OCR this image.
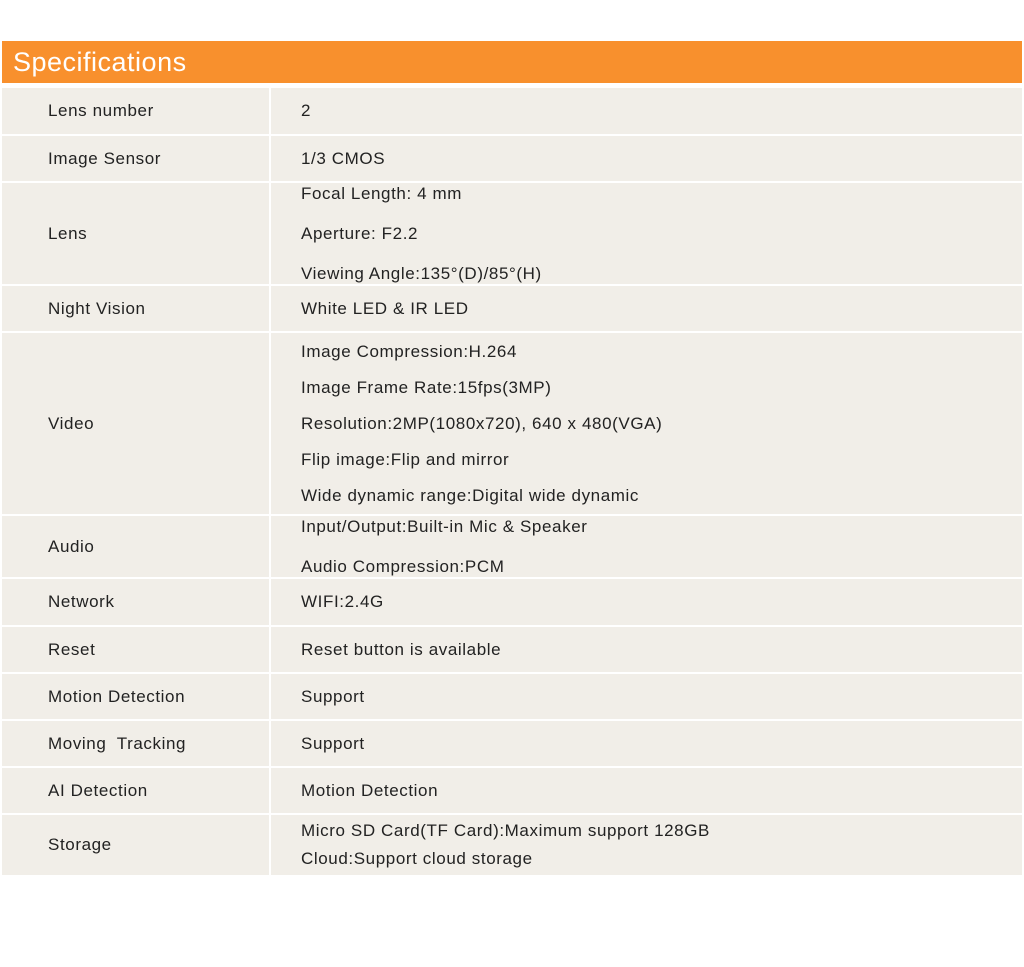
Specifications
Lens number	2

Image Sensor	1/3 CMOS

Lens	Focal Length: 4 mm
Aperture: F2.2
Viewing Angle:135°(D)/85°(H)

Night Vision	White LED & IR LED

Video	Image Compression:H.264
Image Frame Rate:15fps(3MP)
Resolution:2MP(1080x720), 640 x 480(VGA)
Flip image:Flip and mirror
Wide dynamic range:Digital wide dynamic

Audio	Input/Output:Built-in Mic & Speaker
Audio Compression:PCM

Network	WIFI:2.4G

Reset	Reset button is available

Motion Detection	Support

Moving  Tracking	Support

AI Detection	Motion Detection

Storage	Micro SD Card(TF Card):Maximum support 128GB
Cloud:Support cloud storage
